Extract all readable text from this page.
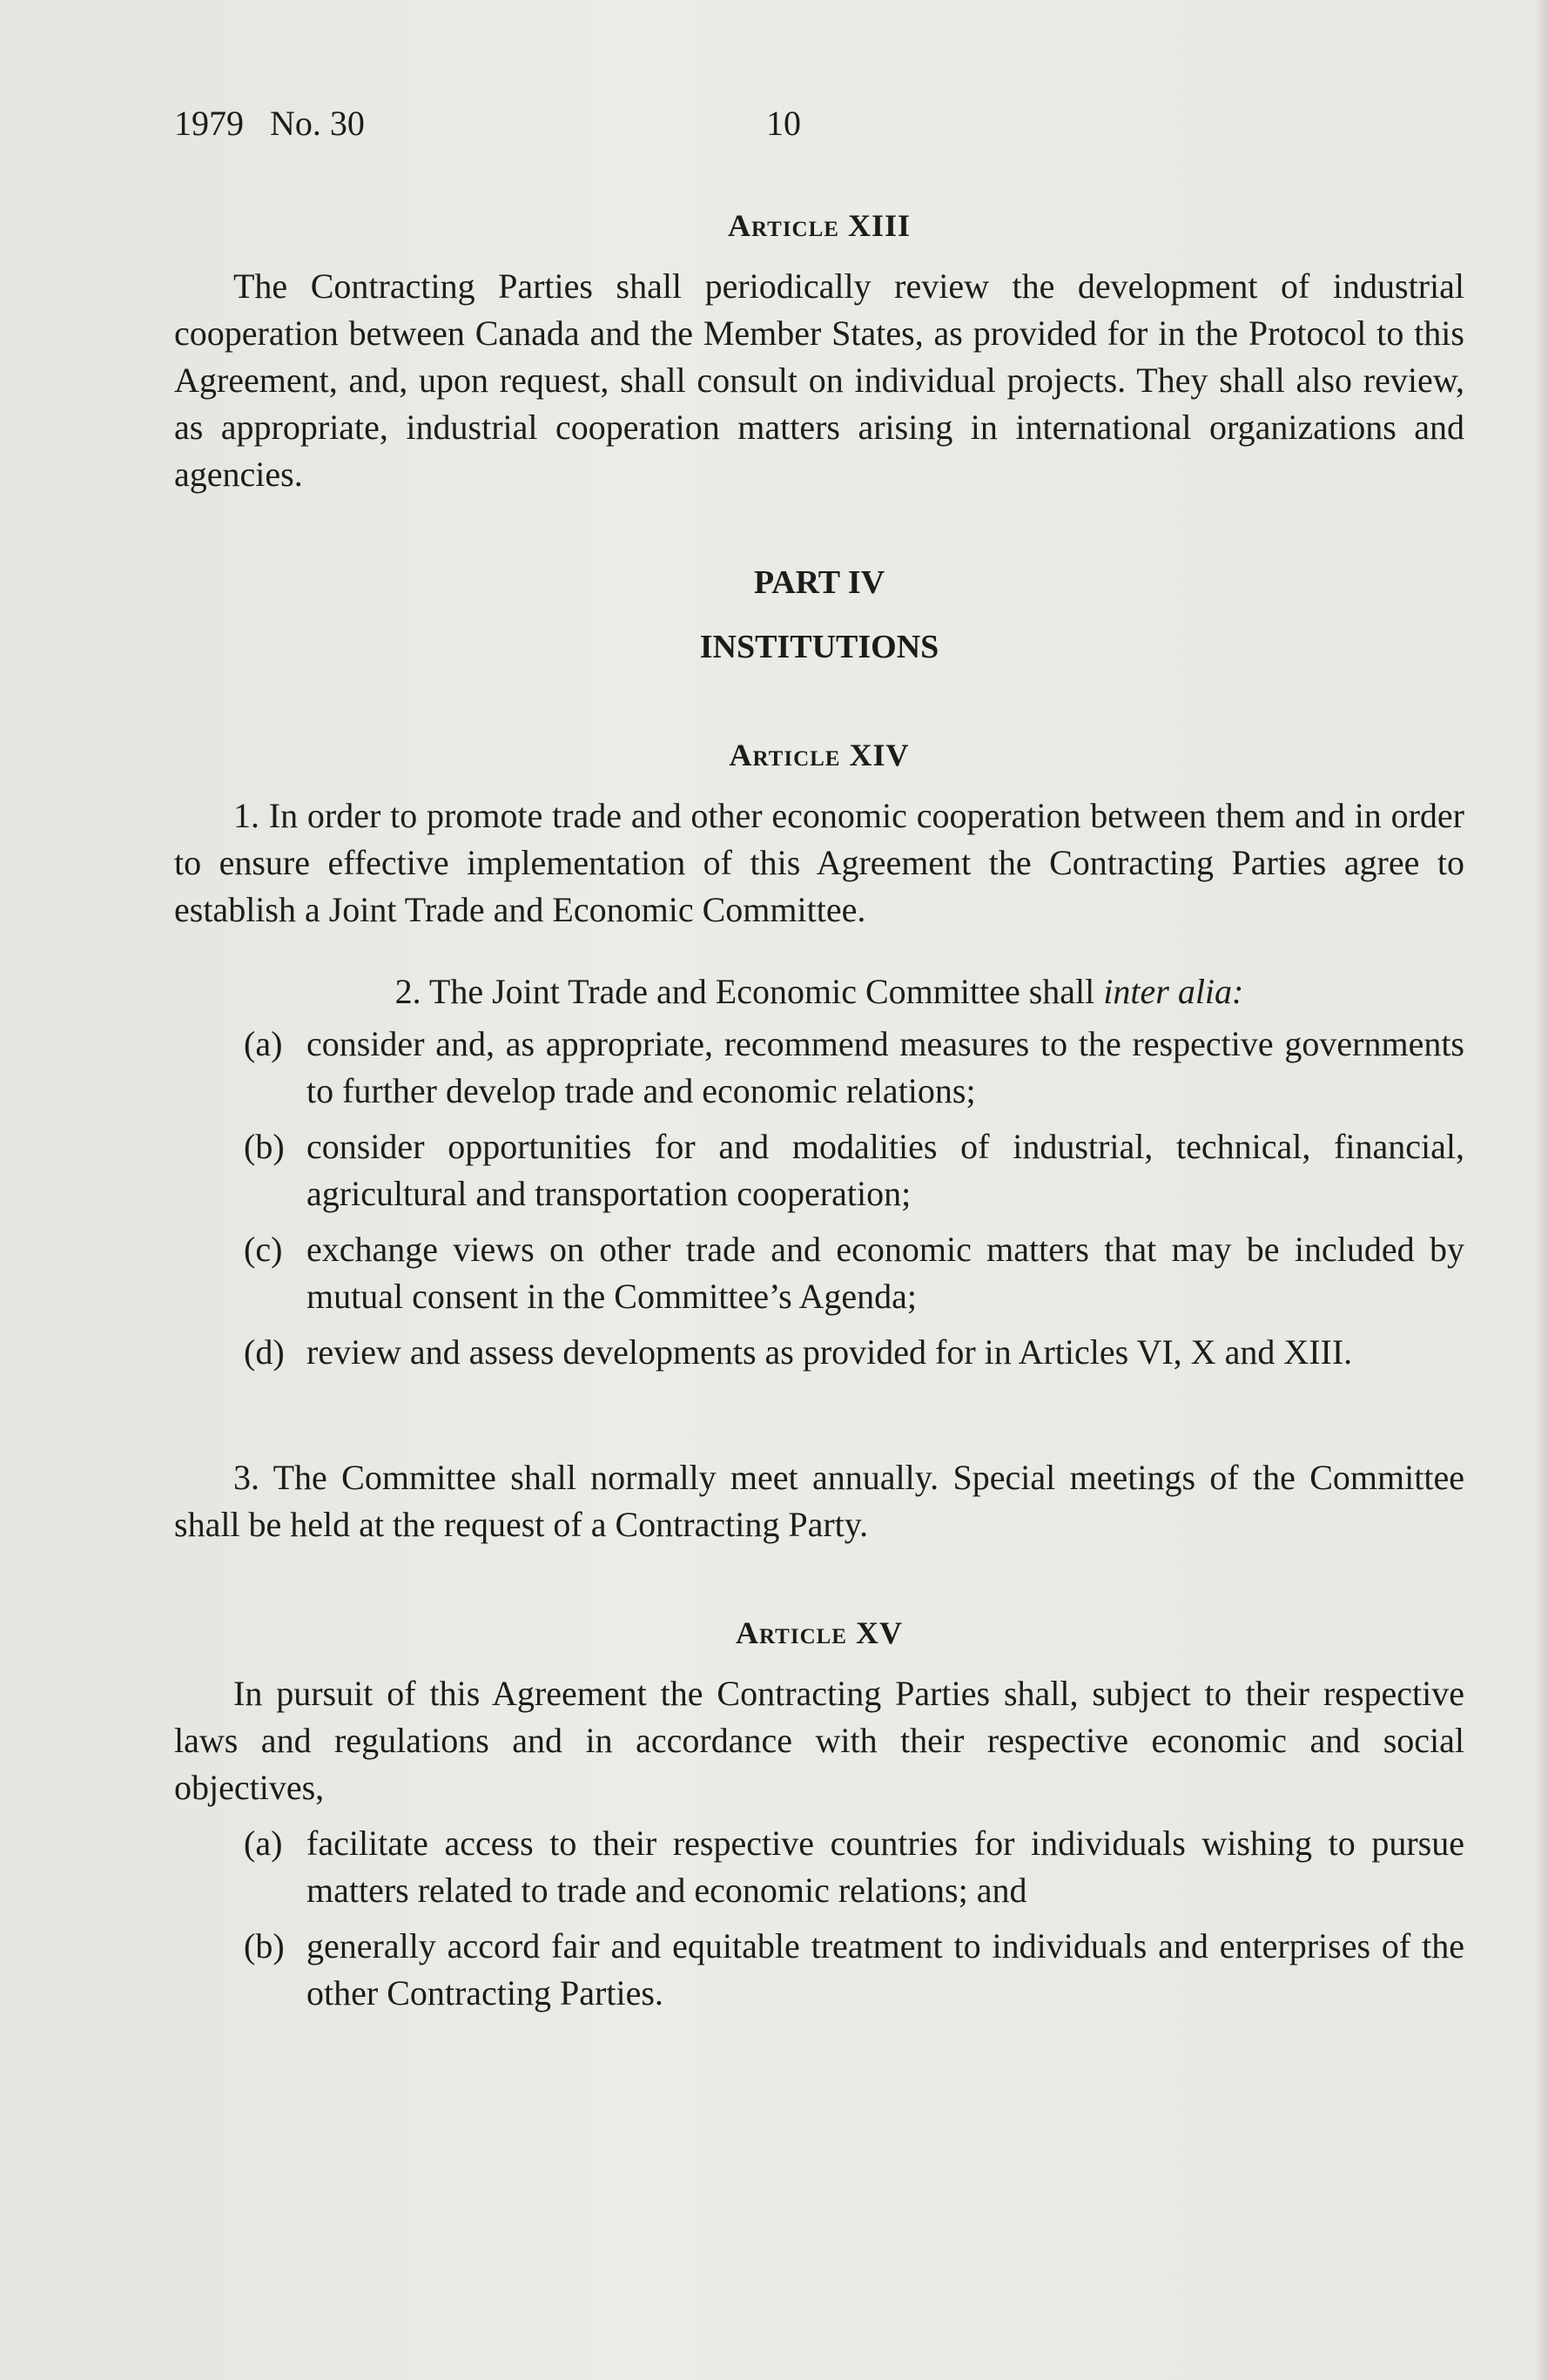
1979   No. 30	10
Article XIII

The Contracting Parties shall periodically review the development of industrial cooperation between Canada and the Member States, as provided for in the Protocol to this Agreement, and, upon request, shall consult on individual projects. They shall also review, as appropriate, industrial cooperation matters arising in international organizations and agencies.

PART IV
INSTITUTIONS
Article XIV

1. In order to promote trade and other economic cooperation between them and in order to ensure effective implementation of this Agreement the Contracting Parties agree to establish a Joint Trade and Economic Committee.

2. The Joint Trade and Economic Committee shall inter alia:

(a) consider and, as appropriate, recommend measures to the respective governments to further develop trade and economic relations;

(b) consider opportunities for and modalities of industrial, technical, financial, agricultural and transportation cooperation;

(c) exchange views on other trade and economic matters that may be included by mutual consent in the Committee’s Agenda;

(d) review and assess developments as provided for in Articles VI, X and XIII.

3. The Committee shall normally meet annually. Special meetings of the Committee shall be held at the request of a Contracting Party.

Article XV

In pursuit of this Agreement the Contracting Parties shall, subject to their respective laws and regulations and in accordance with their respective economic and social objectives,

(a) facilitate access to their respective countries for individuals wishing to pursue matters related to trade and economic relations; and

(b) generally accord fair and equitable treatment to individuals and enterprises of the other Contracting Parties.
